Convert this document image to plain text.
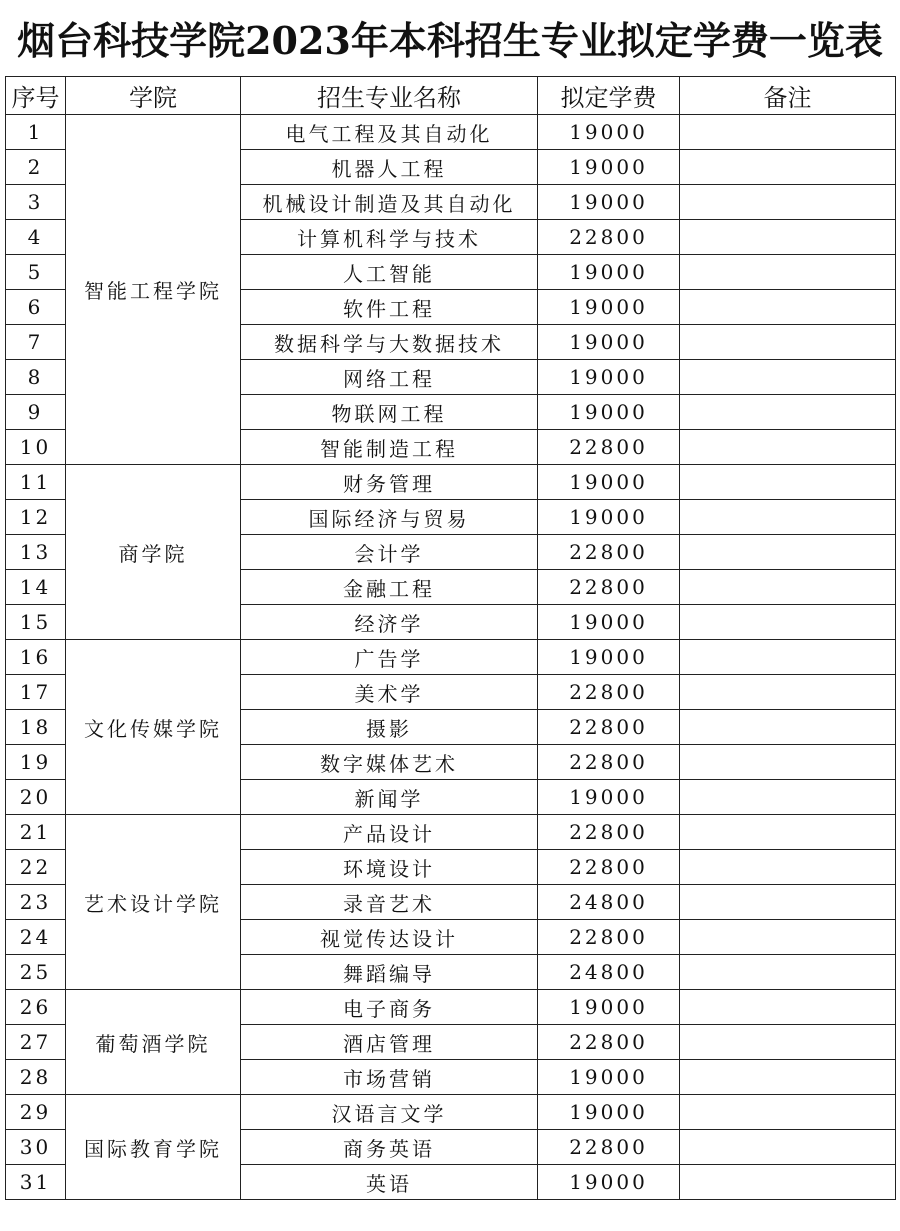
烟台科技学院2023年本科招生专业拟定学费一览表
序号	学院	招生专业名称	拟定学费	备注
1	智能工程学院	电气工程及其自动化	19000	
2		机器人工程	19000	
3		机械设计制造及其自动化	19000	
4		计算机科学与技术	22800	
5		人工智能	19000	
6		软件工程	19000	
7		数据科学与大数据技术	19000	
8		网络工程	19000	
9		物联网工程	19000	
10		智能制造工程	22800	
11	商学院	财务管理	19000	
12		国际经济与贸易	19000	
13		会计学	22800	
14		金融工程	22800	
15		经济学	19000	
16	文化传媒学院	广告学	19000	
17		美术学	22800	
18		摄影	22800	
19		数字媒体艺术	22800	
20		新闻学	19000	
21	艺术设计学院	产品设计	22800	
22		环境设计	22800	
23		录音艺术	24800	
24		视觉传达设计	22800	
25		舞蹈编导	24800	
26	葡萄酒学院	电子商务	19000	
27		酒店管理	22800	
28		市场营销	19000	
29	国际教育学院	汉语言文学	19000	
30		商务英语	22800	
31		英语	19000	
